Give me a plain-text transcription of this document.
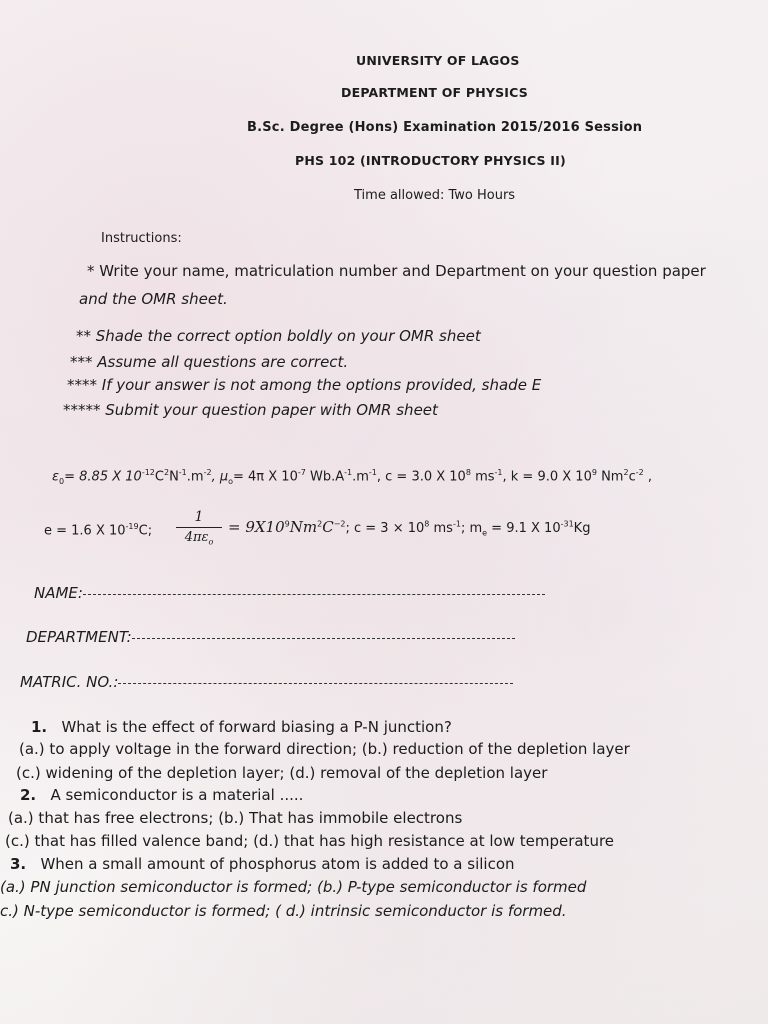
UNIVERSITY OF LAGOS
DEPARTMENT OF PHYSICS
B.Sc. Degree (Hons) Examination 2015/2016 Session
PHS 102 (INTRODUCTORY PHYSICS II)
Time allowed: Two Hours
Instructions:
* Write your name, matriculation number and Department on your question paper
and the OMR sheet.
** Shade the correct option boldly on your OMR sheet
*** Assume all questions are correct.
**** If your answer is not among the options provided, shade E
***** Submit your question paper with OMR sheet
$\varepsilon_0= 8.85$ X $10^{-12}C^2N^{-1}.m^{-2}$, $\mu_o= 4\pi$ X $10^{-7}$ $Wb.A^{-1}.m^{-1}$, c = 3.0 X $10^8$ $ms^{-1}$, k = 9.0 X $10^9$ $Nm^2c^{-2}$ ,
e = 1.6 X $10^{-19}C$;
1
$4\pi\varepsilon_o$
= $9X10^9Nm^2C^{-2}$; $c = 3 \times 10^8$ $ms^{-1}$; $m_e = 9.1$ X $10^{-31}Kg$
NAME:
DEPARTMENT:
MATRIC. NO.:
1. What is the effect of forward biasing a P-N junction?
(a.) to apply voltage in the forward direction; (b.) reduction of the depletion layer
(c.) widening of the depletion layer; (d.) removal of the depletion layer
2. A semiconductor is a material .....
(a.) that has free electrons; (b.) That has immobile electrons
(c.) that has filled valence band; (d.) that has high resistance at low temperature
3. When a small amount of phosphorus atom is added to a silicon
(a.) PN junction semiconductor is formed; (b.) P-type semiconductor is formed
c.) N-type semiconductor is formed; ( d.) intrinsic semiconductor is formed.
